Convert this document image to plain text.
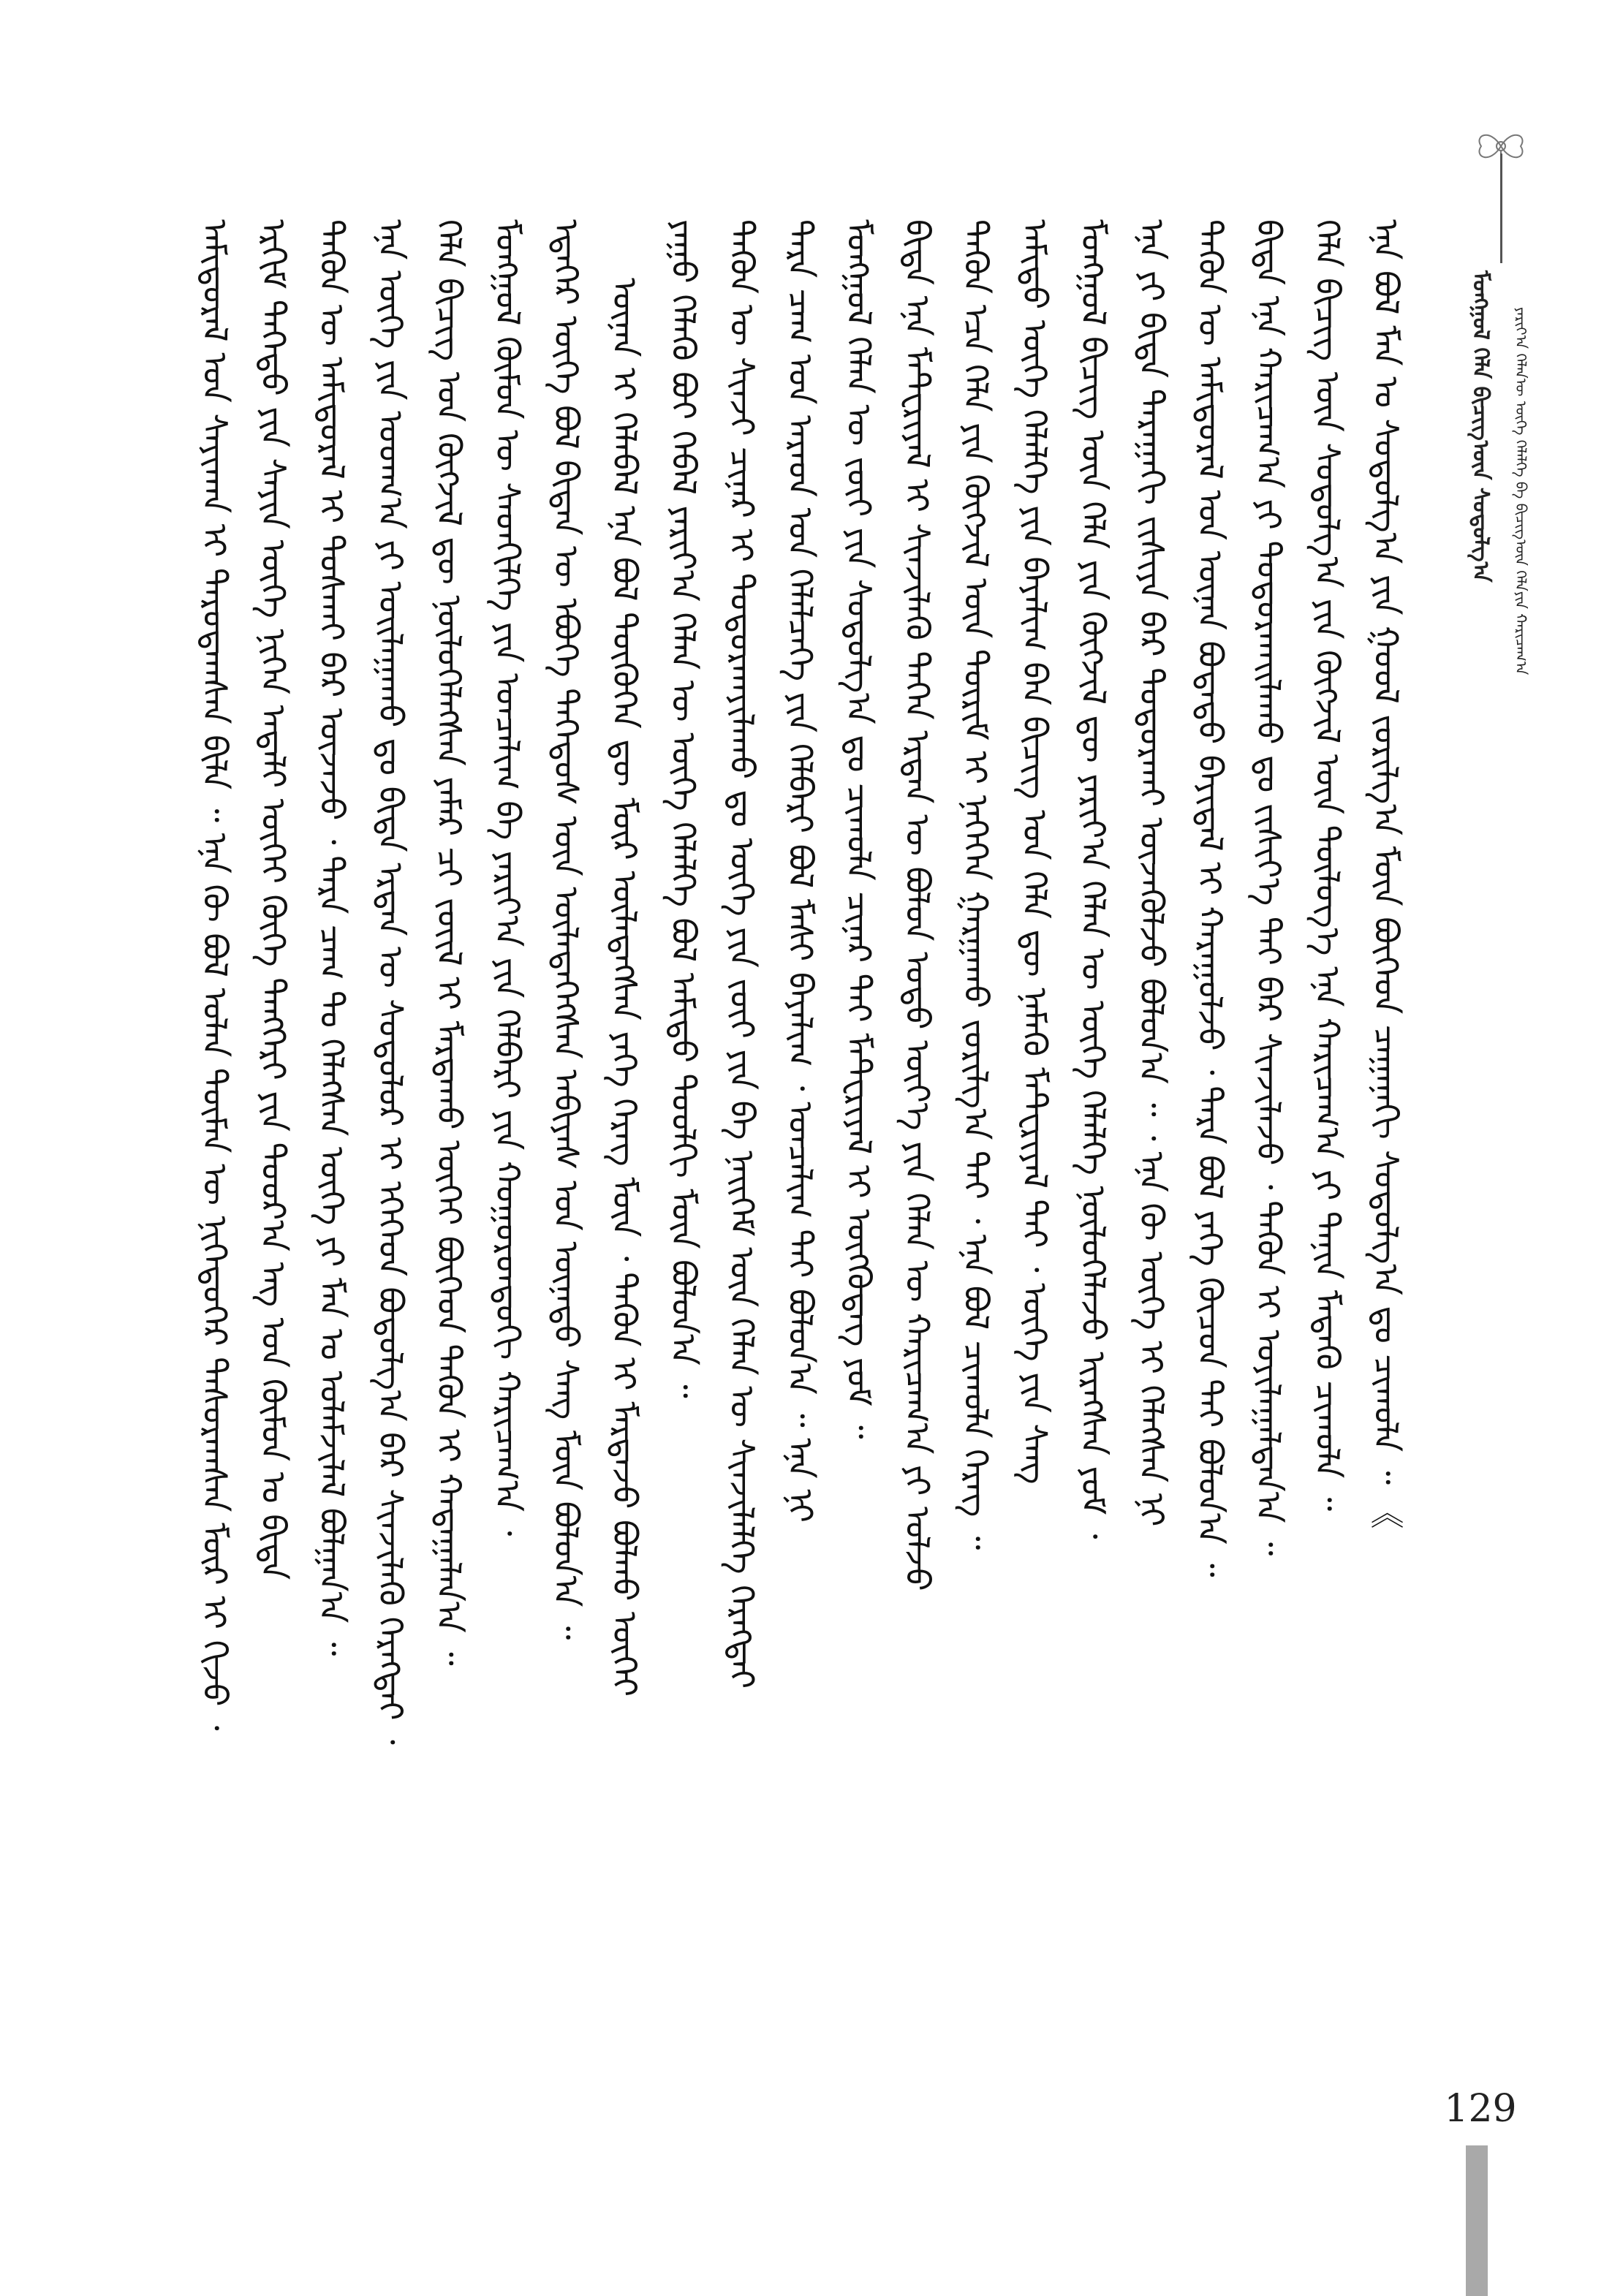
ᠮᠣᠩᠭᠣᠯ ᠬᠡᠯᠡ ᠪᠢᠴᠢᠭ᠎ᠦᠨ ᠰᠤᠳᠤᠯᠭ᠎ᠠ	ᠶᠠᠷᠢᠶ᠎ᠠ ᠬᠡᠯᠡᠨ᠎ᠦ ᠦᠭᠡ ᠬᠡᠯᠡᠯᠭᠡ ᠪᠠ ᠪᠢᠴᠢᠭ᠎ᠦᠨ ᠬᠡᠯᠡ᠎ᠶᠢᠨ ᠬᠠᠷᠢᠴᠠᠭ᠎ᠠ
ᠠᠮᠢᠳᠤᠷᠠᠯ ᠤᠨ ᠰᠠᠶᠢᠬᠠᠨ ᠢ ᠳᠠᠷᠤᠳᠠᠭᠰᠠᠨ ᠪᠢᠯᠡ ᠃ ᠡᠨᠡ ᠬᠦ ᠪᠤᠯ ᠤᠯᠠᠨ ᠲᠦᠮᠡᠨ ᠦ ᠨᠢᠭᠡᠳᠦᠭᠡᠷ ᠲᠠᠰᠤᠷᠠᠭᠰᠠᠨ ᠮᠥᠷ ᠢ ᠬᠢᠵᠦ ᠂ ᠡᠷᠬᠢᠮ ᠳᠡᠭᠡᠳᠦ ᠶᠢᠨ ᠰᠠᠶᠢᠨ ᠦᠭᠡ ᠨᠢᠭᠡᠨ ᠠᠳᠠᠯᠢ ᠦᠭᠡᠢ ᠬᠥᠬᠡ ᠲᠡᠩᠭᠡᠷᠢ ᠶᠢᠨ ᠳᠣᠣᠷ᠎ᠠ ᠡᠩ ᠤᠨ ᠬᠦᠮᠦᠨ ᠤ ᠪᠢᠳᠡ ᠲᠡᠭᠦᠨ ᠦ ᠠᠮᠢᠳᠤᠷᠠᠯ ᠢ ᠲᠤᠰᠬᠠᠢ ᠪᠡᠷ ᠦᠵᠡᠵᠦ ᠂ ᠲᠡᠷᠡ ᠴᠠᠭ ᠲᠤ ᠬᠡᠯᠡᠭᠰᠡᠨ ᠦᠭᠡ ᠶᠢ ᠮᠠᠨ ᠤ ᠤᠯᠠᠮᠵᠢᠯᠠᠯ ᠪᠣᠯᠭᠠᠨ᠎ᠠ ᠃ ᠡᠨᠡ ᠦᠭᠡ ᠶᠢᠨ ᠤᠳᠬ᠎ᠠ ᠶᠢ ᠣᠢᠯᠠᠭᠠᠬᠤ ᠳᠤ ᠪᠢᠳᠡ ᠡᠷᠲᠡᠨ ᠦ ᠰᠤᠳᠤᠯᠤᠷ ᠢ ᠡᠭᠡᠬᠡᠳ ᠪᠣᠳᠣᠯᠭ᠎ᠠ ᠪᠠᠷ ᠰᠢᠨᠵᠢᠯᠡᠬᠦ ᠬᠡᠷᠡᠭᠲᠡᠢ ᠂ ᠬᠡᠯᠡ ᠪᠢᠴᠢᠭ ᠤᠨ ᠬᠥᠭᠵᠢᠯ ᠳᠦ ᠨᠥᠯᠦᠭᠡᠯᠡᠭᠰᠡᠨ ᠶᠠᠮᠠᠷ ᠴᠢ ᠵᠦᠢᠯ ᠢ ᠮᠠᠷᠲᠠᠬᠤ ᠦᠭᠡᠢ ᠪᠥᠭᠡᠳ ᠲᠡᠭᠦᠨ ᠢ ᠬᠠᠳᠠᠭᠠᠯᠠᠨ᠎ᠠ ᠃ ᠮᠣᠩᠭᠣᠯ ᠬᠦᠮᠦᠨ ᠦ ᠰᠡᠳᠬᠢᠯᠭᠡ ᠶᠢᠨ ᠣᠨᠴᠠᠯᠢᠭ ᠪᠠ ᠶᠠᠷᠢᠶ᠎ᠠ ᠶᠢᠨ ᠬᠡᠯᠪᠡᠷᠢ ᠶᠢᠨ ᠬᠣᠭᠣᠷᠤᠨᠳᠤᠬᠢ ᠬᠠᠷᠢᠴᠠᠭ᠎ᠠ ᠂ ᠡᠳᠡᠭᠡᠷ ᠦᠭᠡ ᠪᠣᠯ ᠪᠢᠳᠡᠨ ᠦ ᠡᠪᠦᠭᠡ ᠳᠡᠭᠡᠳᠦᠰ ᠦᠨ ᠦᠯᠡᠳᠡᠭᠡᠭᠰᠡᠨ ᠠᠪᠢᠶᠠᠰ ᠤᠨ ᠦᠨᠡᠲᠦ ᠰᠠᠩ ᠮᠥᠨ ᠪᠣᠯᠤᠨ᠎ᠠ ᠃ ᠦᠨᠡᠨ ᠢ ᠬᠡᠯᠡᠪᠡᠯ ᠡᠨᠡ ᠪᠣᠯ ᠲᠦᠭᠦᠬᠡᠨ ᠳᠦ ᠮᠥᠷ ᠦᠯᠡᠳᠡᠭᠰᠡᠨ ᠶᠡᠬᠡ ᠬᠡᠷᠡᠭ ᠮᠥᠨ ᠂ ᠲᠡᠭᠦᠨ ᠢ ᠮᠠᠷᠲᠠᠵᠤ ᠪᠣᠯᠬᠤ ᠦᠭᠡᠢ ᠶᠠᠭᠤ ᠬᠡᠯᠡᠬᠦ ᠪᠤᠢ ᠭᠡᠪᠡᠯ ᠶᠠᠷᠢᠶ᠎ᠠ ᠬᠡᠯᠡᠨ ᠦ ᠦᠭᠡ ᠬᠡᠯᠡᠯᠭᠡ ᠪᠣᠯ ᠠᠮᠢᠳᠤ ᠳᠣᠣᠯᠭᠢ ᠮᠥᠨ ᠪᠣᠯᠤᠨ᠎ᠠ ᠃ ᠲᠡᠭᠦᠨ ᠦ ᠰᠢᠨᠵᠢ ᠴᠢᠨᠠᠷ ᠢ ᠲᠣᠳᠣᠷᠬᠠᠶᠢᠯᠠᠬᠤ ᠳᠤ ᠦᠭᠡ ᠶᠢᠨ ᠵᠦᠢ ᠶᠢᠨ ᠪᠠ ᠨᠡᠢᠭᠡᠮ ᠦᠨ ᠬᠡᠯᠡᠨ ᠦ ᠰᠢᠨᠵᠢᠯᠡᠯᠭᠡ ᠬᠡᠷᠡᠭᠲᠡᠢ ᠲᠡᠷᠡ ᠴᠠᠭ ᠤᠨ ᠠᠷᠠᠳ ᠤᠨ ᠬᠡᠯᠡᠯᠴᠡᠭᠡ ᠶᠢᠨ ᠬᠡᠯᠪᠡᠷᠢ ᠪᠣᠯ ᠮᠠᠰᠢ ᠪᠠᠶᠠᠯᠢᠭ ᠂ ᠣᠨᠴᠠᠯᠢᠭ ᠲᠠᠢ ᠪᠣᠯᠤᠨ᠎ᠠ ᠃ ᠡᠨᠡ ᠨᠢ ᠮᠣᠩᠭᠣᠯ ᠬᠡᠯᠡᠨ ᠦ ᠵᠦᠢ ᠶᠢᠨ ᠰᠤᠳᠤᠯᠭ᠎ᠠ ᠳᠤ ᠴᠢᠬᠤᠯᠠ ᠴᠢᠨᠠᠷ ᠲᠠᠢ ᠮᠠᠲᠸᠷᠢᠶᠠᠯ ᠢ ᠥᠭᠭᠦᠳᠡᠭ ᠶᠤᠮ ᠃ ᠪᠢᠳᠡ ᠡᠨᠡ ᠮᠠᠲᠸᠷᠢᠶᠠᠯ ᠢ ᠰᠢᠨᠵᠢᠯᠡᠬᠦ ᠳᠡᠭᠡᠨ ᠡᠷᠲᠡᠨ ᠦ ᠪᠣᠯᠤᠨ ᠣᠳᠣ ᠦᠶ᠎ᠡ ᠶᠢᠨ ᠬᠡᠯᠡᠨ ᠦ ᠬᠠᠷᠢᠴᠠᠭ᠎ᠠ ᠶᠢ ᠣᠯᠵᠤ ᠲᠡᠭᠦᠨ ᠡᠴᠡ ᠬᠡᠯᠡ ᠶᠢᠨ ᠬᠥᠭᠵᠢᠯ ᠦᠨ ᠳᠦᠷᠢᠮ ᠢ ᠨᠡᠭᠡᠭᠡᠨ ᠭᠠᠷᠭᠠᠬᠤ ᠵᠣᠷᠢᠯᠭ᠎ᠠ ᠲᠠᠢ ᠂ ᠡᠨᠡ ᠪᠣᠯ ᠴᠢᠬᠤᠯᠠ ᠬᠡᠷᠡᠭ ᠃ ᠠᠮᠢᠳᠤ ᠦᠭᠡ ᠬᠡᠯᠡᠯᠭᠡ ᠶᠢᠨ ᠪᠠᠶᠠᠯᠢᠭ ᠪᠠᠨ ᠪᠢᠴᠢᠭ ᠤᠨ ᠬᠡᠯᠡ ᠳᠦ ᠨᠡᠮᠡᠬᠦ ᠮᠠᠲᠸᠷᠢᠶᠠᠯ ᠲᠠᠢ ᠂ ᠦᠭᠡ ᠶᠢᠨ ᠰᠠᠩ ᠮᠣᠩᠭᠣᠯ ᠪᠢᠴᠢᠭ ᠦᠨ ᠬᠡᠯᠡ ᠶᠢᠨ ᠬᠥᠭᠵᠢᠯ ᠳᠦ ᠶᠠᠷᠢᠶ᠎ᠠ ᠬᠡᠯᠡᠨ ᠦ ᠦᠭᠡ ᠬᠡᠯᠡᠯᠭᠡ ᠨᠥᠯᠦᠭᠡᠯᠡᠵᠦ ᠢᠷᠡᠭᠰᠡᠨ ᠶᠤᠮ ᠂ ᠡᠨᠡ ᠶᠢ ᠪᠢᠳᠡ ᠳᠠᠷᠠᠭᠠᠬᠢ ᠵᠢᠰᠢᠶᠡ ᠪᠡᠷ ᠲᠣᠳᠣᠷᠬᠠᠢ ᠦᠵᠡᠭᠦᠯᠵᠦ ᠪᠣᠯᠤᠨ᠎ᠠ ᠃ ᠂ ᠡᠨᠡ ᠬᠦ ᠦᠭᠡ ᠢ ᠬᠡᠯᠡᠭᠰᠡᠨ ᠨᠢ ᠲᠡᠭᠦᠨ ᠦ ᠠᠮᠢᠳᠤᠷᠠᠯ ᠤᠨ ᠦᠨᠡᠨ ᠪᠣᠳᠠᠲᠤ ᠪᠠᠶᠢᠳᠠᠯ ᠢ ᠬᠠᠷᠠᠭᠤᠯᠵᠤ ᠂ ᠲᠡᠷᠡ ᠪᠣᠯ ᠶᠡᠬᠡ ᠬᠦᠴᠦᠨ ᠲᠡᠢ ᠪᠣᠯᠤᠨ᠎ᠠ ᠃ ᠪᠢᠳᠡ ᠡᠨᠡ ᠬᠠᠷᠢᠴᠠᠭ᠎ᠠ ᠶᠢ ᠲᠣᠳᠣᠷᠬᠠᠢᠯᠠᠬᠤ ᠳᠤ ᠵᠢᠱᠢᠶ᠎ᠡ ᠲᠠᠢ ᠪᠠᠷ ᠰᠢᠨᠵᠢᠯᠡᠵᠦ ᠂ ᠲᠡᠭᠦᠨ ᠢ ᠣᠶᠢᠯᠠᠭᠠᠯᠳᠠᠨ᠎ᠠ ᠃ ᠬᠡᠯᠡ ᠪᠢᠴᠢᠭ ᠦᠨ ᠰᠤᠳᠤᠯᠭ᠎ᠠ ᠶᠢᠨ ᠬᠥᠭᠵᠢᠯ ᠦᠨ ᠲᠥᠯᠦᠭ᠎ᠡ ᠡᠨᠡ ᠬᠠᠷᠢᠴᠠᠭ᠎ᠠ ᠶᠢ ᠲᠠᠨᠢᠨ ᠮᠡᠳᠡᠬᠦ ᠴᠢᠬᠤᠯᠠ ᠃ ᠡᠨᠡ ᠪᠣᠯ ᠮᠠᠨ ᠤ ᠰᠤᠳᠤᠯᠭ᠎ᠠ ᠶᠢᠨ ᠭᠣᠤᠯ ᠵᠣᠷᠢᠯᠭ᠎ᠠ ᠮᠥᠨ ᠪᠥᠭᠡᠳ ᠴᠠᠭᠠᠨᠠᠬᠢ ᠰᠤᠳᠤᠯᠭ᠎ᠠ ᠳᠤ ᠴᠢᠬᠤᠯᠠ ᠃ 《
129
